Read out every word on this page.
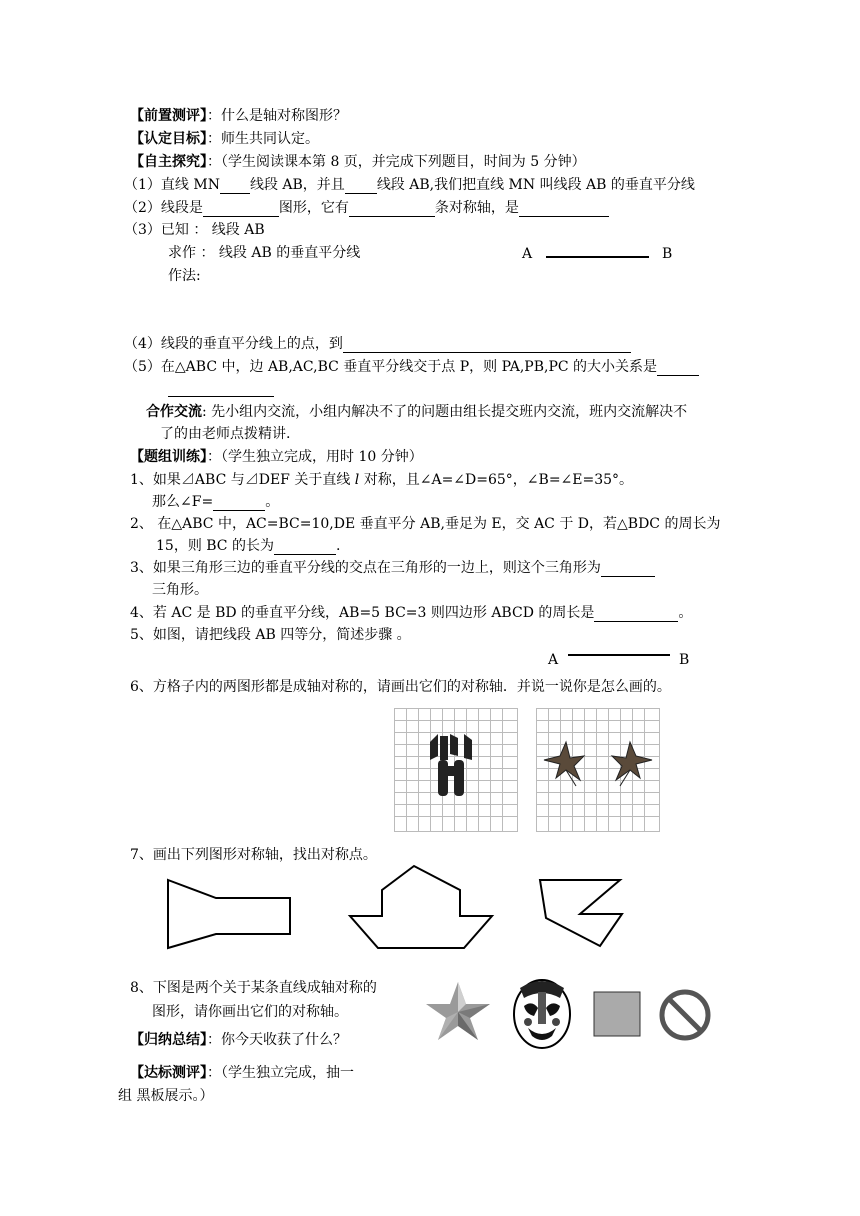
【前置测评】：什么是轴对称图形？
【认定目标】：师生共同认定。
【自主探究】：（学生阅读课本第 8 页，并完成下列题目，时间为 5 分钟）
（1）直线 MN 线段 AB，并且 线段 AB,我们把直线 MN 叫线段 AB 的垂直平分线
（2）线段是	图形，它有	条对称轴，是
（3）已知 ： 线段 AB
求作 ： 线段 AB 的垂直平分线
作法:
A	B
（4）线段的垂直平分线上的点，到
（5）在△ABC 中，边 AB,AC,BC 垂直平分线交于点 P，则 PA,PB,PC 的大小关系是
合作交流: 先小组内交流，小组内解决不了的问题由组长提交班内交流，班内交流解决不
了的由老师点拨精讲.
【题组训练】：（学生独立完成，用时 10 分钟）
1、如果⊿ABC 与⊿DEF 关于直线 l 对称，且∠A=∠D=65°，∠B=∠E=35°。
那么∠F=	。
2、 在△ABC 中，AC=BC=10,DE 垂直平分 AB,垂足为 E，交 AC 于 D，若△BDC 的周长为
15，则 BC 的长为	.
3、如果三角形三边的垂直平分线的交点在三角形的一边上，则这个三角形为
三角形。
4、若 AC 是 BD 的垂直平分线，AB=5 BC=3 则四边形 ABCD 的周长是	。
5、如图，请把线段 AB 四等分，简述步骤 。
A	B
6、方格子内的两图形都是成轴对称的，请画出它们的对称轴．并说一说你是怎么画的。
7、画出下列图形对称轴，找出对称点。
8、下图是两个关于某条直线成轴对称的
图形，请你画出它们的对称轴。
【归纳总结】：你今天收获了什么？
【达标测评】：（学生独立完成，抽一
组 黑板展示。）
